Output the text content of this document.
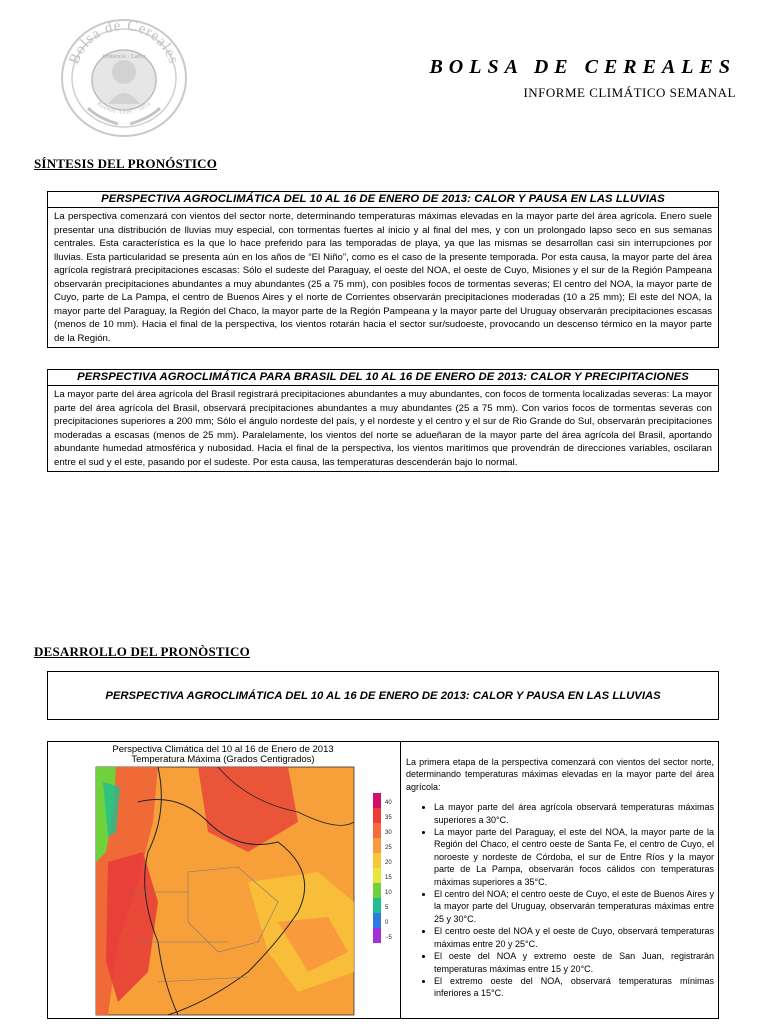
Bolsa de Cereales
Comercio · Labor
Buenos Aires · 1854
BOLSA DE CEREALES
INFORME CLIMÁTICO SEMANAL
SÍNTESIS DEL PRONÓSTICO
PERSPECTIVA AGROCLIMÁTICA DEL 10 AL 16 DE ENERO DE 2013: CALOR Y PAUSA EN LAS LLUVIAS
La perspectiva comenzará con vientos del sector norte, determinando temperaturas máximas elevadas en la mayor parte del área agrícola. Enero suele presentar una distribución de lluvias muy especial, con tormentas fuertes al inicio y al final del mes, y con un prolongado lapso seco en sus semanas centrales. Esta característica es la que lo hace preferido para las temporadas de playa, ya que las mismas se desarrollan casi sin interrupciones por lluvias. Esta particularidad se presenta aún en los años de “El Niño”, como es el caso de la presente temporada. Por esta causa, la mayor parte del área agrícola registrará precipitaciones escasas: Sólo el sudeste del Paraguay, el oeste del NOA, el oeste de Cuyo, Misiones y el sur de la Región Pampeana observarán precipitaciones abundantes a muy abundantes (25 a 75 mm), con posibles focos de tormentas severas; El centro del NOA, la mayor parte de Cuyo, parte de La Pampa, el centro de Buenos Aires y el norte de Corrientes observarán precipitaciones moderadas (10 a 25 mm); El este del NOA, la mayor parte del Paraguay, la Región del Chaco, la mayor parte de la Región Pampeana y la mayor parte del Uruguay observarán precipitaciones escasas (menos de 10 mm). Hacia el final de la perspectiva, los vientos rotarán hacia el sector sur/sudoeste, provocando un descenso térmico en la mayor parte de la Región.
PERSPECTIVA AGROCLIMÁTICA PARA BRASIL DEL 10 AL 16 DE ENERO DE 2013: CALOR Y PRECIPITACIONES
La mayor parte del área agrícola del Brasil registrará precipitaciones abundantes a muy abundantes, con focos de tormenta localizadas severas: La mayor parte del área agrícola del Brasil, observará precipitaciones abundantes a muy abundantes (25 a 75 mm). Con varios focos de tormentas severas con precipitaciones superiores a 200 mm; Sólo el ángulo nordeste del país, y el nordeste y el centro y el sur de Rio Grande do Sul, observarán precipitaciones moderadas a escasas (menos de 25 mm). Paralelamente, los vientos del norte se adueñaran de la mayor parte del área agrícola del Brasil, aportando abundante humedad atmosférica y nubosidad. Hacia el final de la perspectiva, los vientos marítimos que provendrán de direcciones variables, oscilaran entre el sud y el este, pasando por el sudeste. Por esta causa, las temperaturas descenderán bajo lo normal.
DESARROLLO DEL PRONÒSTICO
PERSPECTIVA AGROCLIMÁTICA DEL 10 AL 16 DE ENERO DE 2013: CALOR Y PAUSA EN LAS LLUVIAS
Perspectiva Climática del 10 al 16 de Enero de 2013
Temperatura Máxima (Grados Centigrados)
40
35
30
25
20
15
10
5
0
−5
La primera etapa de la perspectiva comenzará con vientos del sector norte, determinando temperaturas máximas elevadas en la mayor parte del área agrícola:
• La mayor parte del área agrícola observará temperaturas máximas superiores a 30°C.
• La mayor parte del Paraguay, el este del NOA, la mayor parte de la Región del Chaco, el centro oeste de Santa Fe, el centro de Cuyo, el noroeste y nordeste de Córdoba, el sur de Entre Ríos y la mayor parte de La Pampa, observarán focos cálidos con temperaturas máximas superiores a 35°C.
• El centro del NOA; el centro oeste de Cuyo, el este de Buenos Aires y la mayor parte del Uruguay, observarán temperaturas máximas entre 25 y 30°C.
• El centro oeste del NOA y el oeste de Cuyo, observará temperaturas máximas entre 20 y 25°C.
• El oeste del NOA y extremo oeste de San Juan, registrarán temperaturas máximas entre 15 y 20°C.
• El extremo oeste del NOA, observará temperaturas mínimas inferiores a 15°C.
